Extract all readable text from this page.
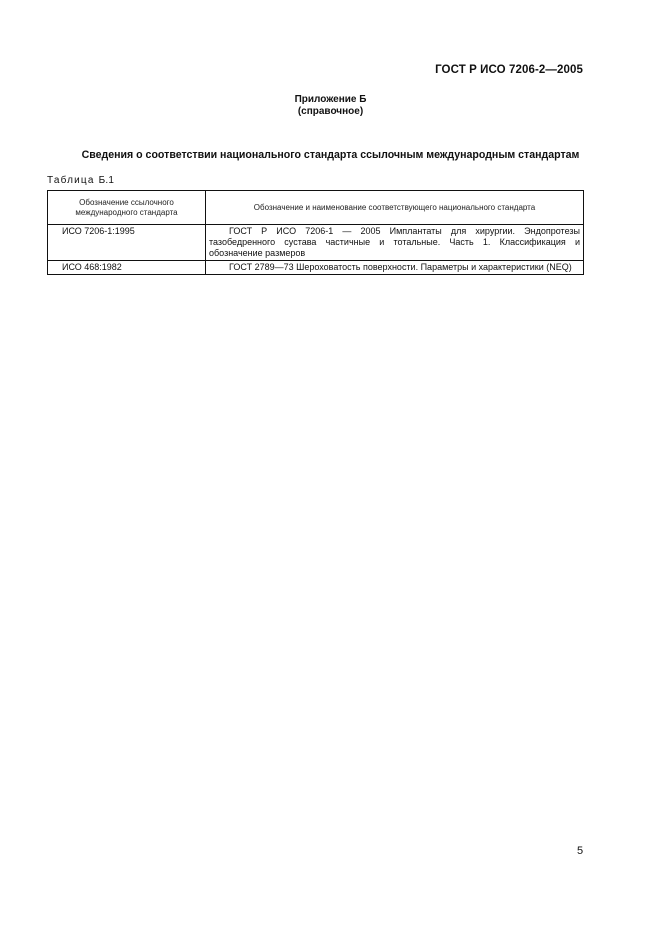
ГОСТ Р ИСО 7206-2—2005
Приложение Б
(справочное)
Сведения о соответствии национального стандарта ссылочным международным стандартам
Таблица Б.1
Обозначение ссылочного международного стандарта	Обозначение и наименование соответствующего национального стандарта
ИСО 7206-1:1995	ГОСТ Р ИСО 7206-1 — 2005 Имплантаты для хирургии. Эндопротезы тазобедренного сустава частичные и тотальные. Часть 1. Классификация и обозначение размеров
ИСО 468:1982	ГОСТ 2789—73 Шероховатость поверхности. Параметры и характеристики (NEQ)
5
